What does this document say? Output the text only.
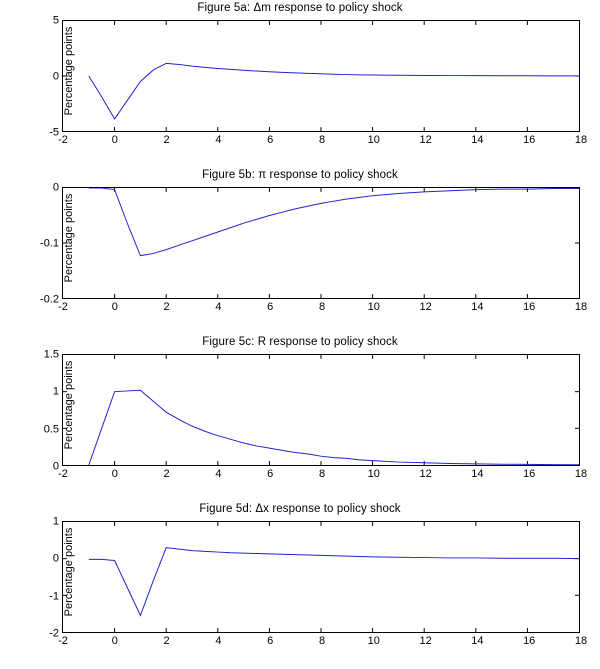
Figure 5a: Δm response to policy shock
Percentage points
-5
0
5
-2	0	2	4	6	8	10	12	14	16	18
Figure 5b: π response to policy shock
Percentage points
-0.2
-0.1
0
-2	0	2	4	6	8	10	12	14	16	18
Figure 5c: R response to policy shock
Percentage points
0
0.5
1
1.5
-2	0	2	4	6	8	10	12	14	16	18
Figure 5d: Δx response to policy shock
Percentage points
-2
-1
0
1
-2	0	2	4	6	8	10	12	14	16	18
